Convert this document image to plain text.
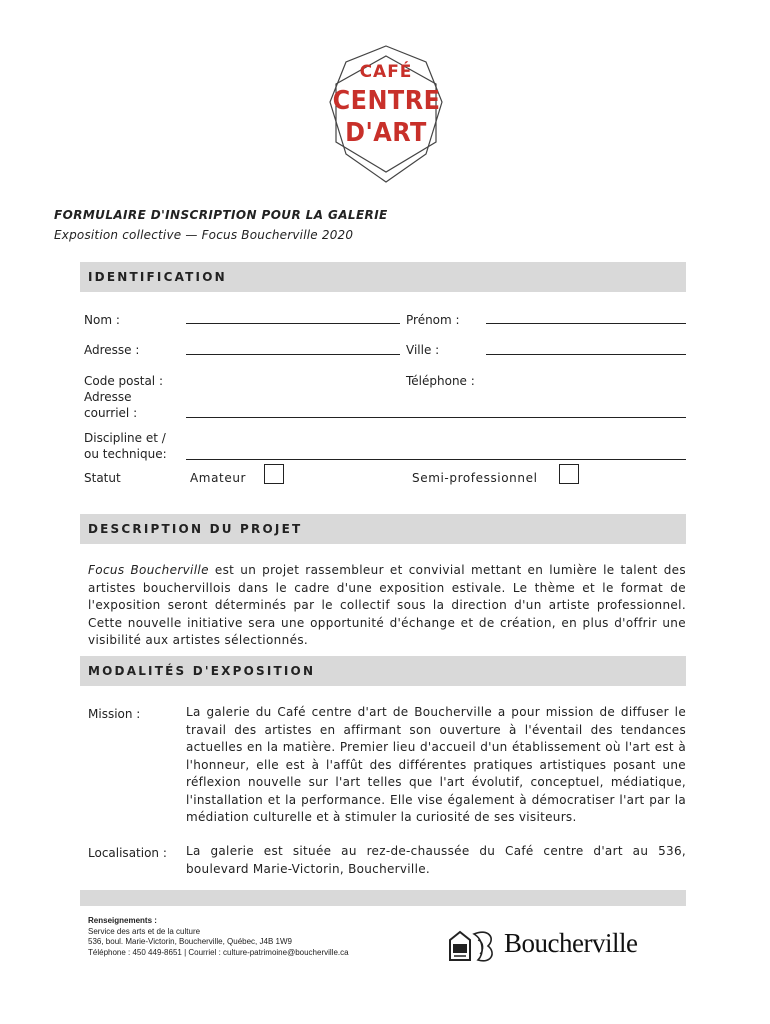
CAFÉ
CENTRE
D'ART
FORMULAIRE D'INSCRIPTION POUR LA GALERIE
Exposition collective — Focus Boucherville 2020
IDENTIFICATION
Nom :	Prénom :
Adresse :	Ville :
Code postal :	Téléphone :
Adresse
courriel :
Discipline et /
ou technique:
Statut	Amateur	Semi-professionnel
DESCRIPTION DU PROJET
Focus Boucherville est un projet rassembleur et convivial mettant en lumière le talent des artistes bouchervillois dans le cadre d'une exposition estivale. Le thème et le format de l'exposition seront déterminés par le collectif sous la direction d'un artiste professionnel. Cette nouvelle initiative sera une opportunité d'échange et de création, en plus d'offrir une visibilité aux artistes sélectionnés.
MODALITÉS D'EXPOSITION
Mission :	La galerie du Café centre d'art de Boucherville a pour mission de diffuser le travail des artistes en affirmant son ouverture à l'éventail des tendances actuelles en la matière. Premier lieu d'accueil d'un établissement où l'art est à l'honneur, elle est à l'affût des différentes pratiques artistiques posant une réflexion nouvelle sur l'art telles que l'art évolutif, conceptuel, médiatique, l'installation et la performance. Elle vise également à démocratiser l'art par la médiation culturelle et à stimuler la curiosité de ses visiteurs.
Localisation : La galerie est située au rez-de-chaussée du Café centre d'art au 536, boulevard Marie-Victorin, Boucherville.
Renseignements :
Service des arts et de la culture
536, boul. Marie-Victorin, Boucherville, Québec, J4B 1W9
Téléphone : 450 449-8651 | Courriel : culture-patrimoine@boucherville.ca	Boucherville
